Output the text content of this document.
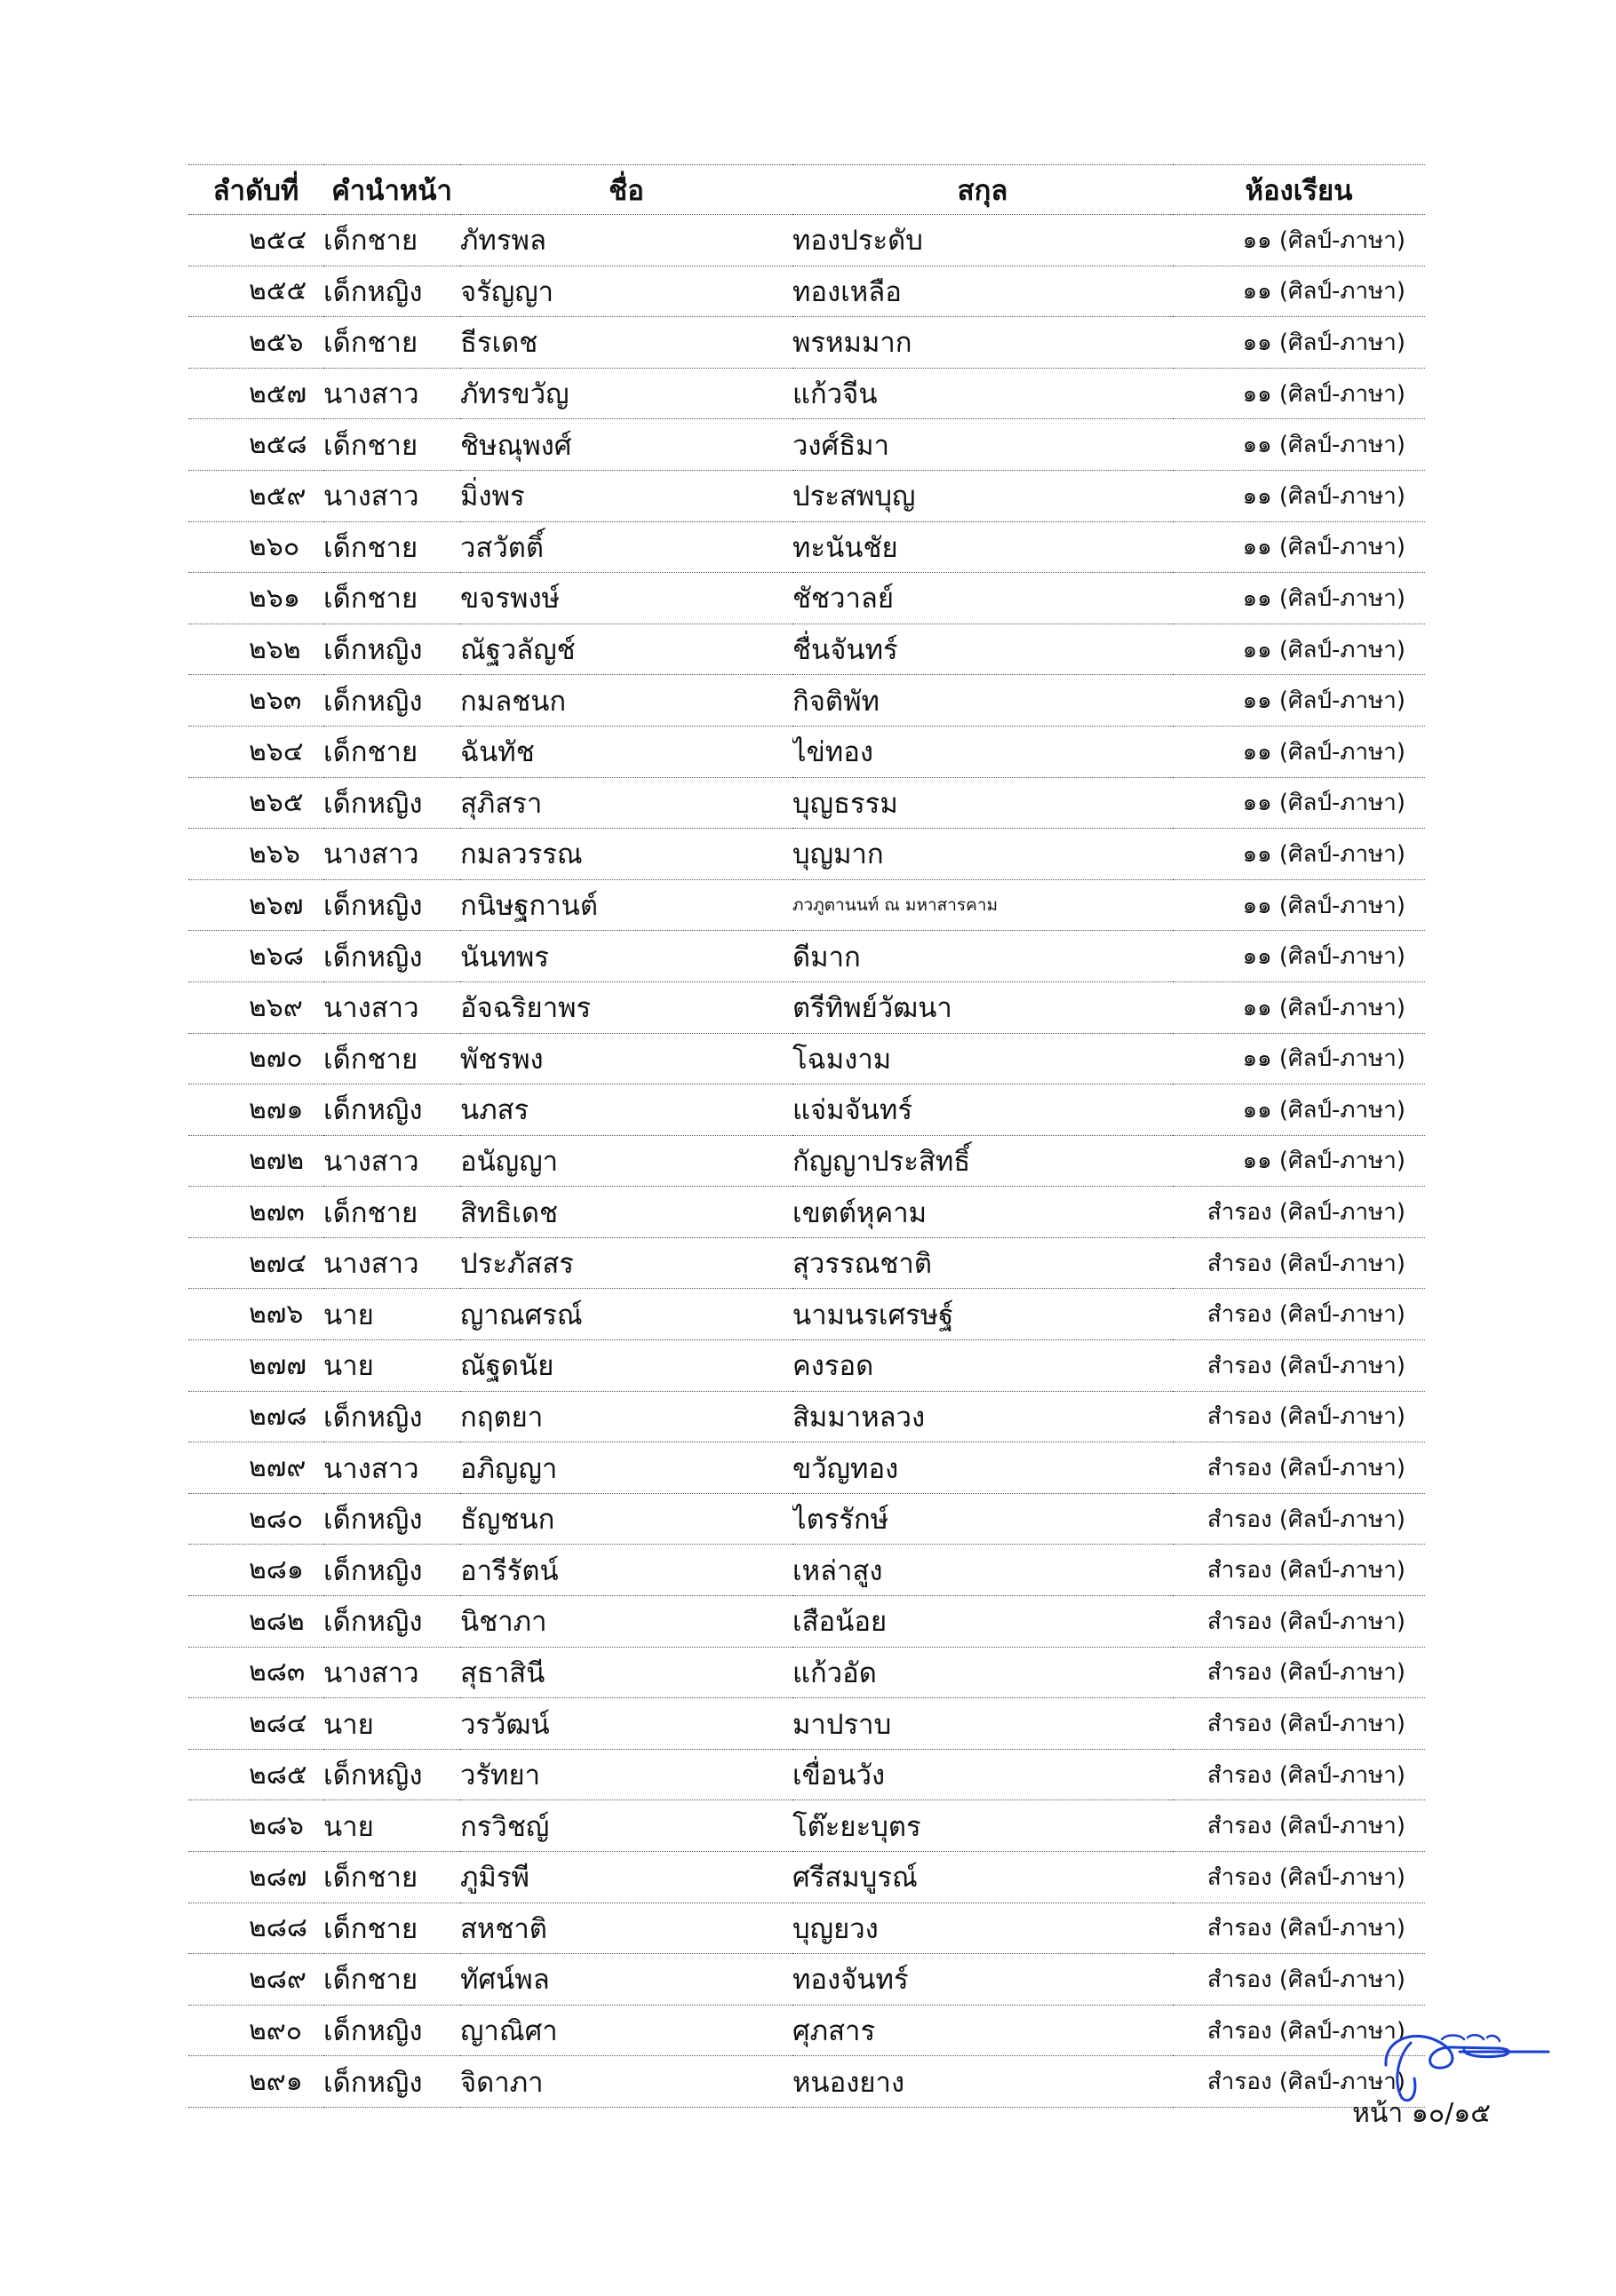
ลำดับที่	คำนำหน้า	ชื่อ	สกุล	ห้องเรียน
๒๕๔	เด็กชาย	ภัทรพล	ทองประดับ	๑๑ (ศิลป์-ภาษา)
๒๕๕	เด็กหญิง	จรัญญา	ทองเหลือ	๑๑ (ศิลป์-ภาษา)
๒๕๖	เด็กชาย	ธีรเดช	พรหมมาก	๑๑ (ศิลป์-ภาษา)
๒๕๗	นางสาว	ภัทรขวัญ	แก้วจีน	๑๑ (ศิลป์-ภาษา)
๒๕๘	เด็กชาย	ชิษณุพงศ์	วงศ์ธิมา	๑๑ (ศิลป์-ภาษา)
๒๕๙	นางสาว	มิ่งพร	ประสพบุญ	๑๑ (ศิลป์-ภาษา)
๒๖๐	เด็กชาย	วสวัตติ์	ทะนันชัย	๑๑ (ศิลป์-ภาษา)
๒๖๑	เด็กชาย	ขจรพงษ์	ชัชวาลย์	๑๑ (ศิลป์-ภาษา)
๒๖๒	เด็กหญิง	ณัฐวลัญช์	ชื่นจันทร์	๑๑ (ศิลป์-ภาษา)
๒๖๓	เด็กหญิง	กมลชนก	กิจติพัท	๑๑ (ศิลป์-ภาษา)
๒๖๔	เด็กชาย	ฉันทัช	ไข่ทอง	๑๑ (ศิลป์-ภาษา)
๒๖๕	เด็กหญิง	สุภิสรา	บุญธรรม	๑๑ (ศิลป์-ภาษา)
๒๖๖	นางสาว	กมลวรรณ	บุญมาก	๑๑ (ศิลป์-ภาษา)
๒๖๗	เด็กหญิง	กนิษฐกานต์	ภวภูตานนท์ ณ มหาสารคาม	๑๑ (ศิลป์-ภาษา)
๒๖๘	เด็กหญิง	นันทพร	ดีมาก	๑๑ (ศิลป์-ภาษา)
๒๖๙	นางสาว	อัจฉริยาพร	ตรีทิพย์วัฒนา	๑๑ (ศิลป์-ภาษา)
๒๗๐	เด็กชาย	พัชรพง	โฉมงาม	๑๑ (ศิลป์-ภาษา)
๒๗๑	เด็กหญิง	นภสร	แจ่มจันทร์	๑๑ (ศิลป์-ภาษา)
๒๗๒	นางสาว	อนัญญา	กัญญาประสิทธิ์	๑๑ (ศิลป์-ภาษา)
๒๗๓	เด็กชาย	สิทธิเดช	เขตต์หุคาม	สำรอง (ศิลป์-ภาษา)
๒๗๔	นางสาว	ประภัสสร	สุวรรณชาติ	สำรอง (ศิลป์-ภาษา)
๒๗๖	นาย	ญาณศรณ์	นามนรเศรษฐ์	สำรอง (ศิลป์-ภาษา)
๒๗๗	นาย	ณัฐดนัย	คงรอด	สำรอง (ศิลป์-ภาษา)
๒๗๘	เด็กหญิง	กฤตยา	สิมมาหลวง	สำรอง (ศิลป์-ภาษา)
๒๗๙	นางสาว	อภิญญา	ขวัญทอง	สำรอง (ศิลป์-ภาษา)
๒๘๐	เด็กหญิง	ธัญชนก	ไตรรักษ์	สำรอง (ศิลป์-ภาษา)
๒๘๑	เด็กหญิง	อารีรัตน์	เหล่าสูง	สำรอง (ศิลป์-ภาษา)
๒๘๒	เด็กหญิง	นิชาภา	เสือน้อย	สำรอง (ศิลป์-ภาษา)
๒๘๓	นางสาว	สุธาสินี	แก้วอัด	สำรอง (ศิลป์-ภาษา)
๒๘๔	นาย	วรวัฒน์	มาปราบ	สำรอง (ศิลป์-ภาษา)
๒๘๕	เด็กหญิง	วรัทยา	เขื่อนวัง	สำรอง (ศิลป์-ภาษา)
๒๘๖	นาย	กรวิชญ์	โต๊ะยะบุตร	สำรอง (ศิลป์-ภาษา)
๒๘๗	เด็กชาย	ภูมิรพี	ศรีสมบูรณ์	สำรอง (ศิลป์-ภาษา)
๒๘๘	เด็กชาย	สหชาติ	บุญยวง	สำรอง (ศิลป์-ภาษา)
๒๘๙	เด็กชาย	ทัศน์พล	ทองจันทร์	สำรอง (ศิลป์-ภาษา)
๒๙๐	เด็กหญิง	ญาณิศา	ศุภสาร	สำรอง (ศิลป์-ภาษา)
๒๙๑	เด็กหญิง	จิดาภา	หนองยาง	สำรอง (ศิลป์-ภาษา)
หน้า ๑๐/๑๕
